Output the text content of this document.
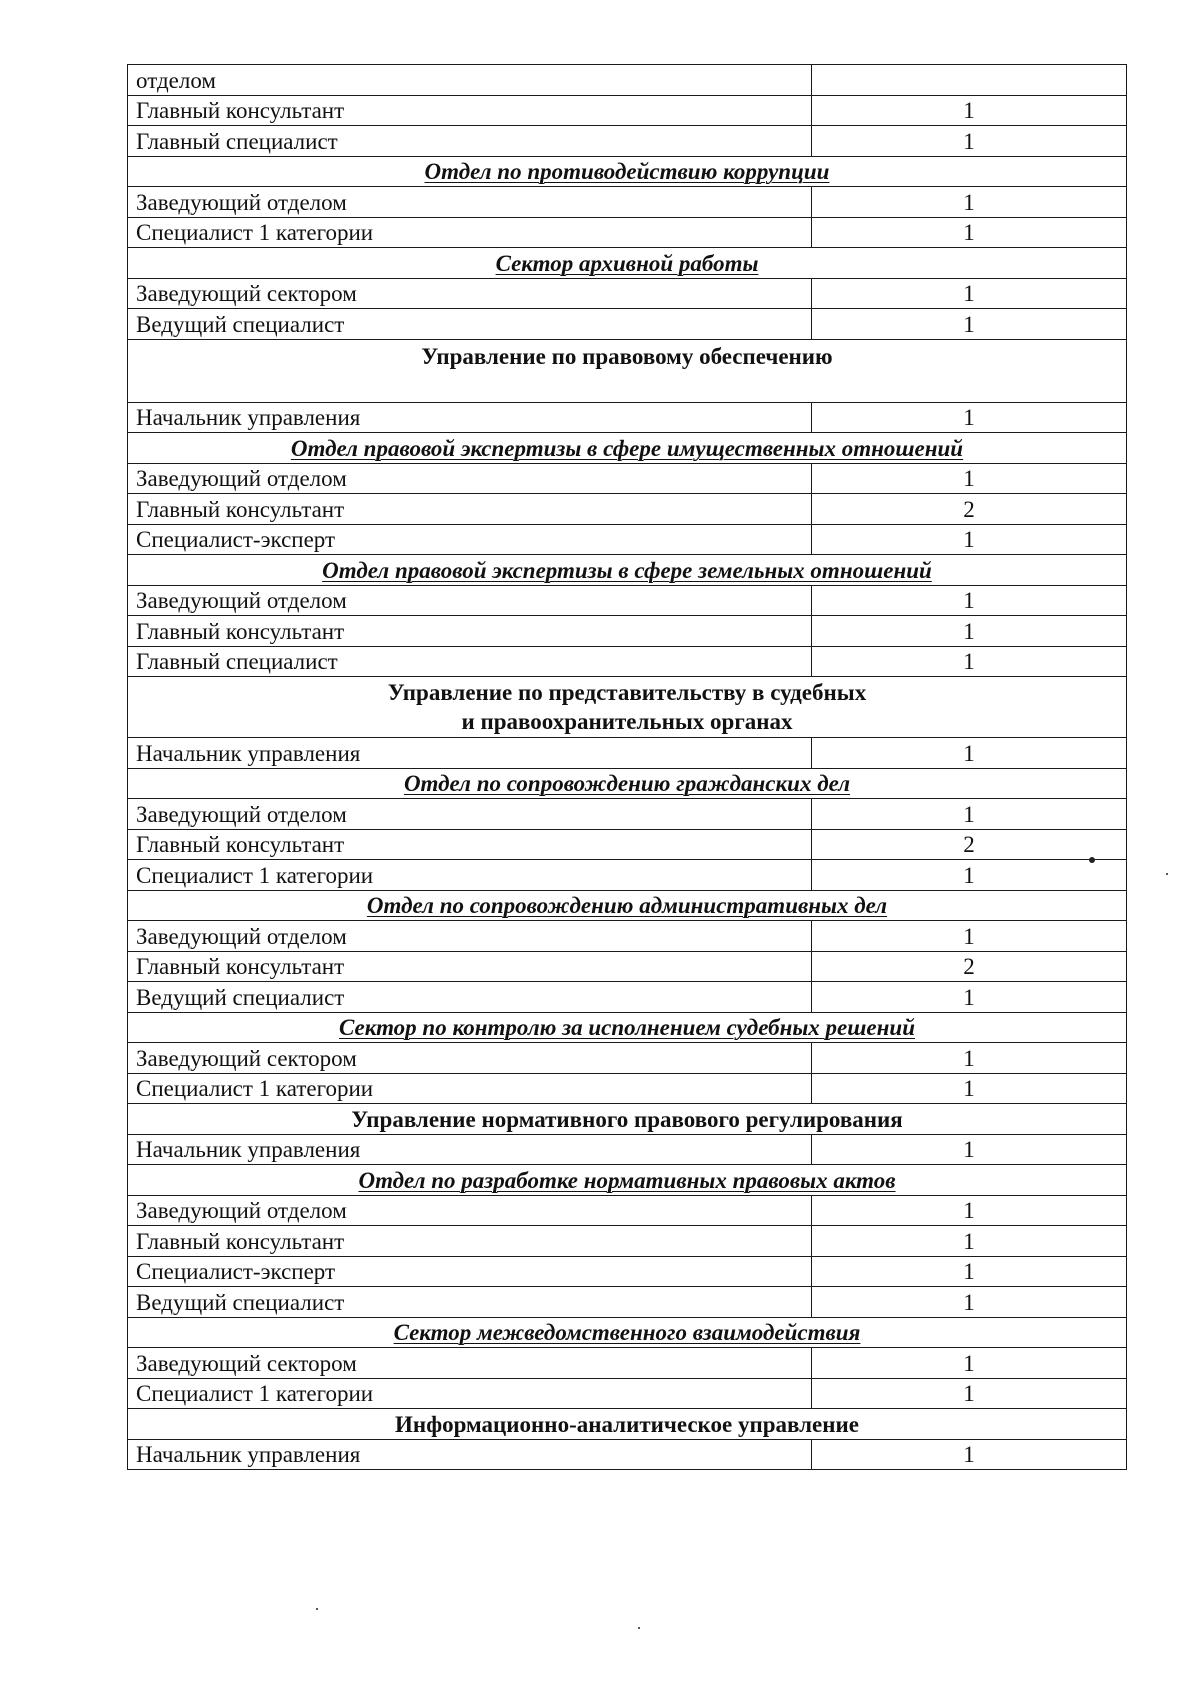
отделом	
Главный консультант	1
Главный специалист	1
Отдел по противодействию коррупции	
Заведующий отделом	1
Специалист 1 категории	1
Сектор архивной работы	
Заведующий сектором	1
Ведущий специалист	1

Управление по правовому обеспечению	

Начальник управления	1
Отдел правовой экспертизы в сфере имущественных отношений	
Заведующий отделом	1
Главный консультант	2
Специалист-эксперт	1
Отдел правовой экспертизы в сфере земельных отношений	
Заведующий отделом	1
Главный консультант	1
Главный специалист	1

Управление по представительству в судебных
и правоохранительных органах	

Начальник управления	1
Отдел по сопровождению гражданских дел	
Заведующий отделом	1
Главный консультант	2
Специалист 1 категории	1
Отдел по сопровождению административных дел	
Заведующий отделом	1
Главный консультант	2
Ведущий специалист	1
Сектор по контролю за исполнением судебных решений	
Заведующий сектором	1
Специалист 1 категории	1

Управление нормативного правового регулирования	

Начальник управления	1
Отдел по разработке нормативных правовых актов	
Заведующий отделом	1
Главный консультант	1
Специалист-эксперт	1
Ведущий специалист	1
Сектор межведомственного взаимодействия	
Заведующий сектором	1
Специалист 1 категории	1

Информационно-аналитическое управление	

Начальник управления	1
